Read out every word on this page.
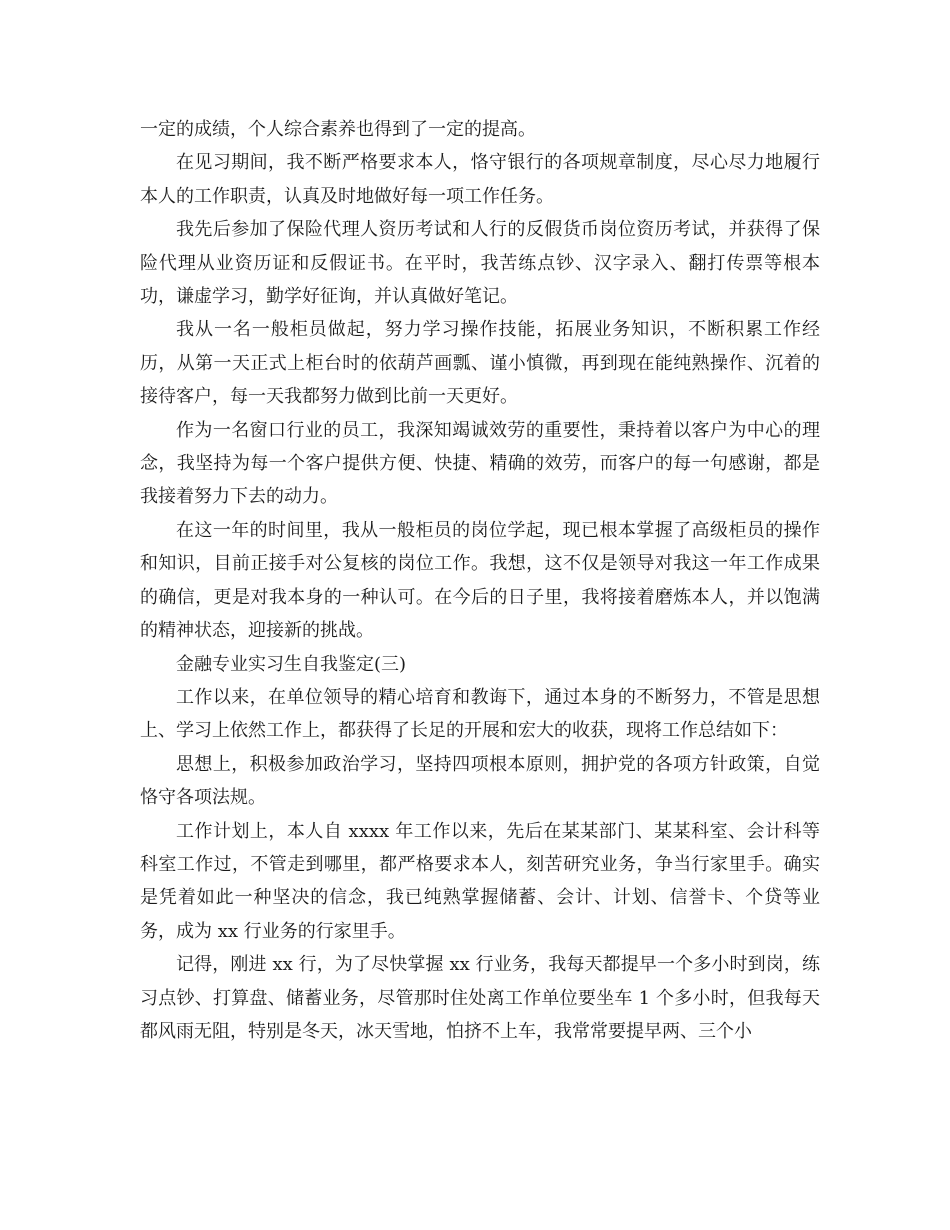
一定的成绩，个人综合素养也得到了一定的提高。

在见习期间，我不断严格要求本人，恪守银行的各项规章制度，尽心尽力地履行本人的工作职责，认真及时地做好每一项工作任务。

我先后参加了保险代理人资历考试和人行的反假货币岗位资历考试，并获得了保险代理从业资历证和反假证书。在平时，我苦练点钞、汉字录入、翻打传票等根本功，谦虚学习，勤学好征询，并认真做好笔记。

我从一名一般柜员做起，努力学习操作技能，拓展业务知识，不断积累工作经历，从第一天正式上柜台时的依葫芦画瓢、谨小慎微，再到现在能纯熟操作、沉着的接待客户，每一天我都努力做到比前一天更好。

作为一名窗口行业的员工，我深知竭诚效劳的重要性，秉持着以客户为中心的理念，我坚持为每一个客户提供方便、快捷、精确的效劳，而客户的每一句感谢，都是我接着努力下去的动力。

在这一年的时间里，我从一般柜员的岗位学起，现已根本掌握了高级柜员的操作和知识，目前正接手对公复核的岗位工作。我想，这不仅是领导对我这一年工作成果的确信，更是对我本身的一种认可。在今后的日子里，我将接着磨炼本人，并以饱满的精神状态，迎接新的挑战。

金融专业实习生自我鉴定(三)

工作以来，在单位领导的精心培育和教诲下，通过本身的不断努力，不管是思想上、学习上依然工作上，都获得了长足的开展和宏大的收获，现将工作总结如下：

思想上，积极参加政治学习，坚持四项根本原则，拥护党的各项方针政策，自觉恪守各项法规。

工作计划上，本人自 xxxx 年工作以来，先后在某某部门、某某科室、会计科等科室工作过，不管走到哪里，都严格要求本人，刻苦研究业务，争当行家里手。确实是凭着如此一种坚决的信念，我已纯熟掌握储蓄、会计、计划、信誉卡、个贷等业务，成为 xx 行业务的行家里手。

记得，刚进 xx 行，为了尽快掌握 xx 行业务，我每天都提早一个多小时到岗，练习点钞、打算盘、储蓄业务，尽管那时住处离工作单位要坐车 1 个多小时，但我每天都风雨无阻，特别是冬天，冰天雪地，怕挤不上车，我常常要提早两、三个小
